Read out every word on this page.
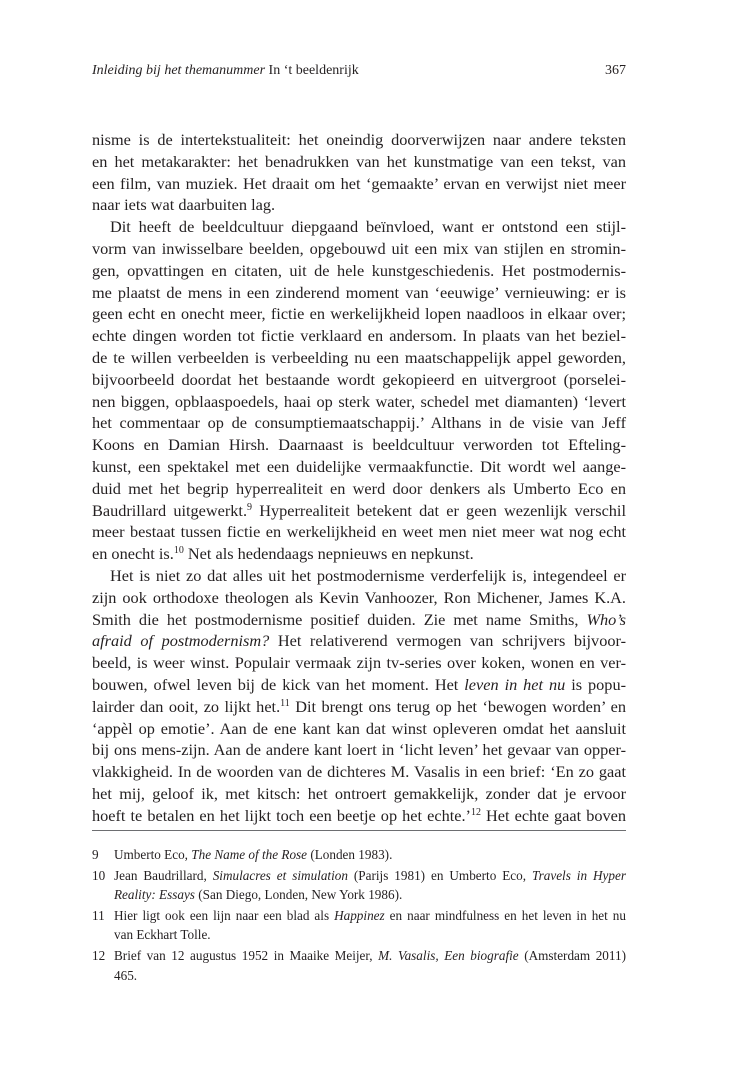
Inleiding bij het themanummer In ‘t beeldenrijk	367
nisme is de intertekstualiteit: het oneindig doorverwijzen naar andere teksten
en het metakarakter: het benadrukken van het kunstmatige van een tekst, van
een film, van muziek. Het draait om het ‘gemaakte’ ervan en verwijst niet meer
naar iets wat daarbuiten lag.
Dit heeft de beeldcultuur diepgaand beïnvloed, want er ontstond een stijl-
vorm van inwisselbare beelden, opgebouwd uit een mix van stijlen en stromin-
gen, opvattingen en citaten, uit de hele kunstgeschiedenis. Het postmodernis-
me plaatst de mens in een zinderend moment van ‘eeuwige’ vernieuwing: er is
geen echt en onecht meer, fictie en werkelijkheid lopen naadloos in elkaar over;
echte dingen worden tot fictie verklaard en andersom. In plaats van het beziel-
de te willen verbeelden is verbeelding nu een maatschappelijk appel geworden,
bijvoorbeeld doordat het bestaande wordt gekopieerd en uitvergroot (porselei-
nen biggen, opblaaspoedels, haai op sterk water, schedel met diamanten) ‘levert
het commentaar op de consumptiemaatschappij.’ Althans in de visie van Jeff
Koons en Damian Hirsh. Daarnaast is beeldcultuur verworden tot Efteling-
kunst, een spektakel met een duidelijke vermaakfunctie. Dit wordt wel aange-
duid met het begrip hyperrealiteit en werd door denkers als Umberto Eco en
Baudrillard uitgewerkt.$^9$ Hyperrealiteit betekent dat er geen wezenlijk verschil
meer bestaat tussen fictie en werkelijkheid en weet men niet meer wat nog echt
en onecht is.$^{10}$ Net als hedendaags nepnieuws en nepkunst.
Het is niet zo dat alles uit het postmodernisme verderfelijk is, integendeel er
zijn ook orthodoxe theologen als Kevin Vanhoozer, Ron Michener, James K.A.
Smith die het postmodernisme positief duiden. Zie met name Smiths, Who’s
afraid of postmodernism? Het relativerend vermogen van schrijvers bijvoor-
beeld, is weer winst. Populair vermaak zijn tv-series over koken, wonen en ver-
bouwen, ofwel leven bij de kick van het moment. Het leven in het nu is popu-
lairder dan ooit, zo lijkt het.$^{11}$ Dit brengt ons terug op het ‘bewogen worden’ en
‘appèl op emotie’. Aan de ene kant kan dat winst opleveren omdat het aansluit
bij ons mens-zijn. Aan de andere kant loert in ‘licht leven’ het gevaar van opper-
vlakkigheid. In de woorden van de dichteres M. Vasalis in een brief: ‘En zo gaat
het mij, geloof ik, met kitsch: het ontroert gemakkelijk, zonder dat je ervoor
hoeft te betalen en het lijkt toch een beetje op het echte.’$^{12}$ Het echte gaat boven
9 Umberto Eco, The Name of the Rose (Londen 1983).
10 Jean Baudrillard, Simulacres et simulation (Parijs 1981) en Umberto Eco, Travels in Hyper
Reality: Essays (San Diego, Londen, New York 1986).
11 Hier ligt ook een lijn naar een blad als Happinez en naar mindfulness en het leven in het nu
van Eckhart Tolle.
12 Brief van 12 augustus 1952 in Maaike Meijer, M. Vasalis, Een biografie (Amsterdam 2011)
465.
